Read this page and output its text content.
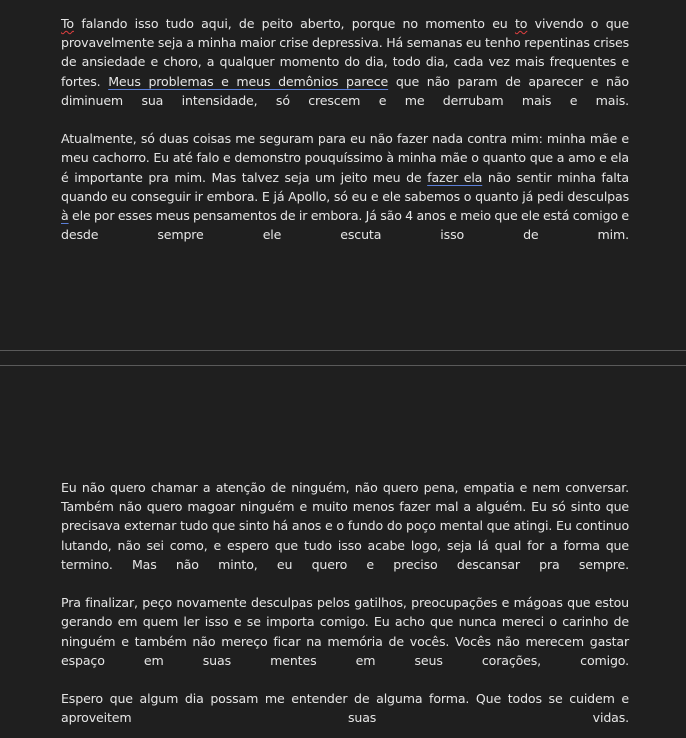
To falando isso tudo aqui, de peito aberto, porque no momento eu to vivendo o que provavelmente seja a minha maior crise depressiva. Há semanas eu tenho repentinas crises de ansiedade e choro, a qualquer momento do dia, todo dia, cada vez mais frequentes e fortes. Meus problemas e meus demônios parece que não param de aparecer e não diminuem sua intensidade, só crescem e me derrubam mais e mais.

Atualmente, só duas coisas me seguram para eu não fazer nada contra mim: minha mãe e meu cachorro. Eu até falo e demonstro pouquíssimo à minha mãe o quanto que a amo e ela é importante pra mim. Mas talvez seja um jeito meu de fazer ela não sentir minha falta quando eu conseguir ir embora. E já Apollo, só eu e ele sabemos o quanto já pedi desculpas à ele por esses meus pensamentos de ir embora. Já são 4 anos e meio que ele está comigo e desde sempre ele escuta isso de mim.

Eu não quero chamar a atenção de ninguém, não quero pena, empatia e nem conversar. Também não quero magoar ninguém e muito menos fazer mal a alguém. Eu só sinto que precisava externar tudo que sinto há anos e o fundo do poço mental que atingi. Eu continuo lutando, não sei como, e espero que tudo isso acabe logo, seja lá qual for a forma que termino. Mas não minto, eu quero e preciso descansar pra sempre.

Pra finalizar, peço novamente desculpas pelos gatilhos, preocupações e mágoas que estou gerando em quem ler isso e se importa comigo. Eu acho que nunca mereci o carinho de ninguém e também não mereço ficar na memória de vocês. Vocês não merecem gastar espaço em suas mentes em seus corações, comigo.

Espero que algum dia possam me entender de alguma forma. Que todos se cuidem e aproveitem suas vidas.
